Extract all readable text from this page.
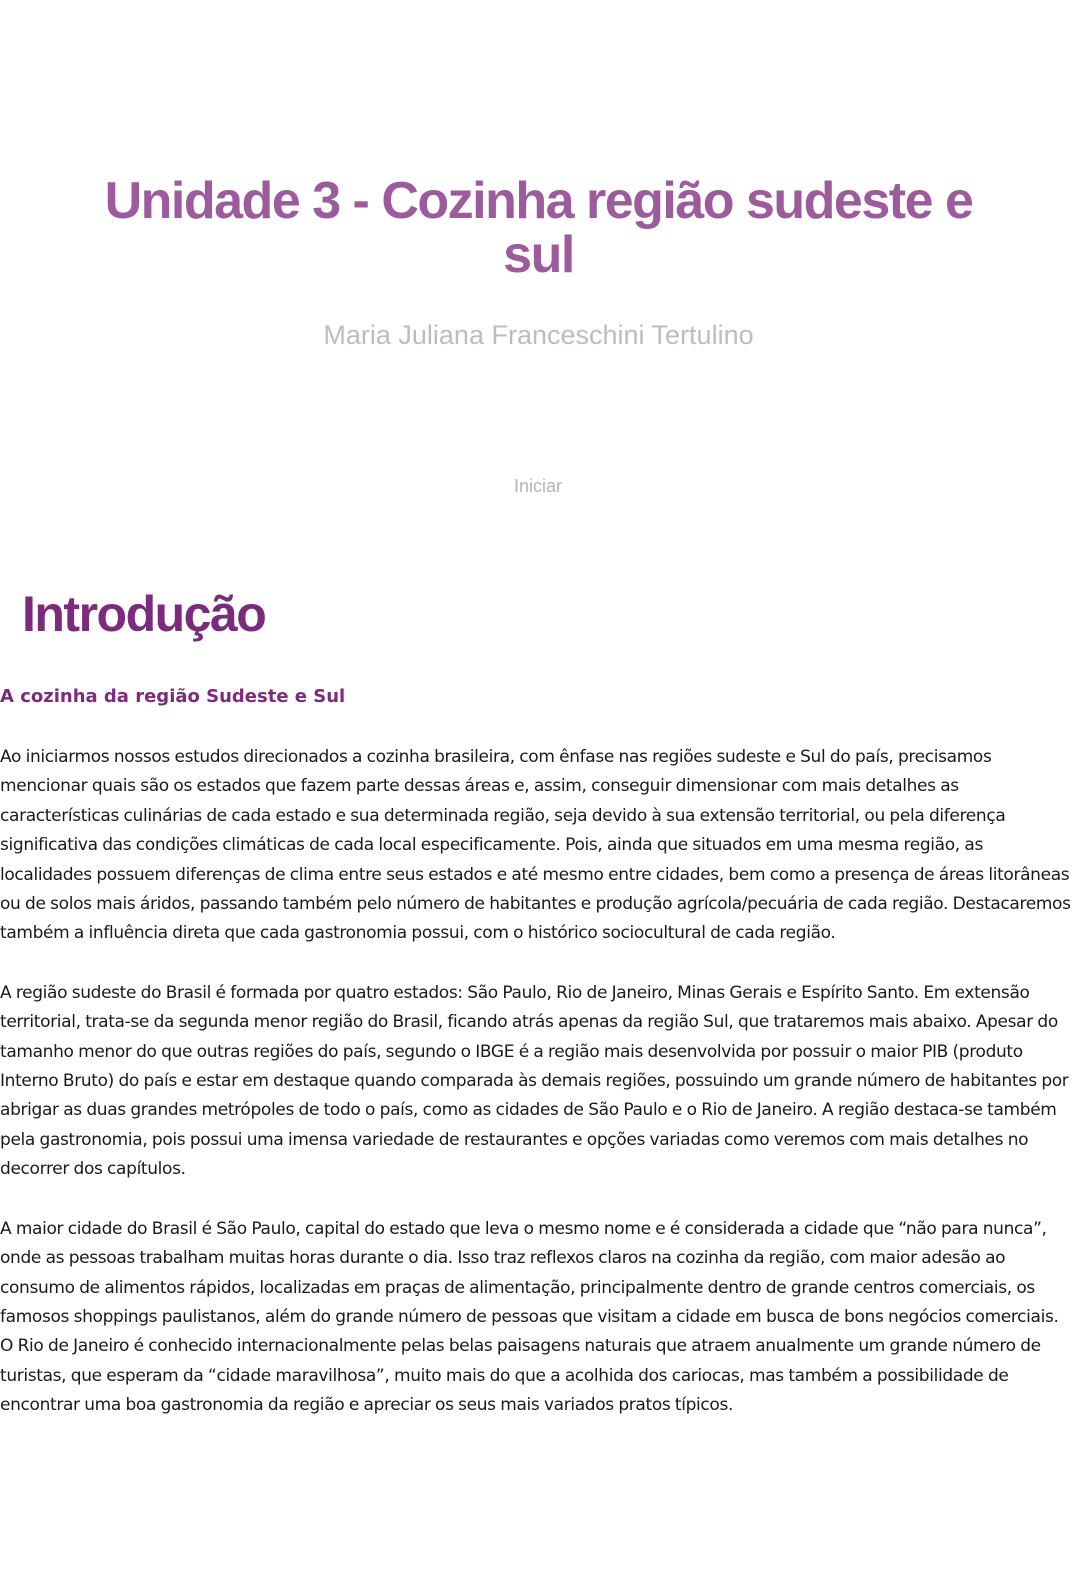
Unidade 3 - Cozinha região sudeste e sul
Maria Juliana Franceschini Tertulino
Iniciar
Introdução
A cozinha da região Sudeste e Sul

Ao iniciarmos nossos estudos direcionados a cozinha brasileira, com ênfase nas regiões sudeste e Sul do país, precisamos mencionar quais são os estados que fazem parte dessas áreas e, assim, conseguir dimensionar com mais detalhes as características culinárias de cada estado e sua determinada região, seja devido à sua extensão territorial, ou pela diferença significativa das condições climáticas de cada local especificamente. Pois, ainda que situados em uma mesma região, as localidades possuem diferenças de clima entre seus estados e até mesmo entre cidades, bem como a presença de áreas litorâneas ou de solos mais áridos, passando também pelo número de habitantes e produção agrícola/pecuária de cada região. Destacaremos também a influência direta que cada gastronomia possui, com o histórico sociocultural de cada região.

A região sudeste do Brasil é formada por quatro estados: São Paulo, Rio de Janeiro, Minas Gerais e Espírito Santo. Em extensão territorial, trata-se da segunda menor região do Brasil, ficando atrás apenas da região Sul, que trataremos mais abaixo. Apesar do tamanho menor do que outras regiões do país, segundo o IBGE é a região mais desenvolvida por possuir o maior PIB (produto Interno Bruto) do país e estar em destaque quando comparada às demais regiões, possuindo um grande número de habitantes por abrigar as duas grandes metrópoles de todo o país, como as cidades de São Paulo e o Rio de Janeiro. A região destaca-se também pela gastronomia, pois possui uma imensa variedade de restaurantes e opções variadas como veremos com mais detalhes no decorrer dos capítulos.

A maior cidade do Brasil é São Paulo, capital do estado que leva o mesmo nome e é considerada a cidade que “não para nunca”, onde as pessoas trabalham muitas horas durante o dia. Isso traz reflexos claros na cozinha da região, com maior adesão ao consumo de alimentos rápidos, localizadas em praças de alimentação, principalmente dentro de grande centros comerciais, os famosos shoppings paulistanos, além do grande número de pessoas que visitam a cidade em busca de bons negócios comerciais. O Rio de Janeiro é conhecido internacionalmente pelas belas paisagens naturais que atraem anualmente um grande número de turistas, que esperam da “cidade maravilhosa”, muito mais do que a acolhida dos cariocas, mas também a possibilidade de encontrar uma boa gastronomia da região e apreciar os seus mais variados pratos típicos.
